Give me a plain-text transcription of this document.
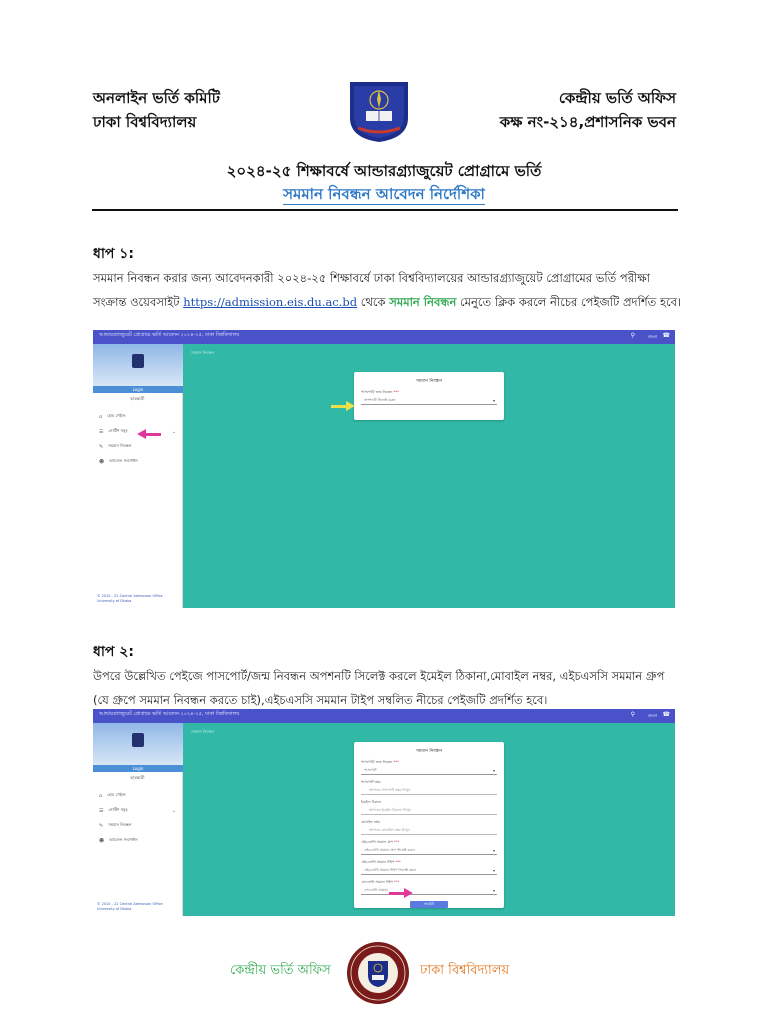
অনলাইন ভর্তি কমিটি
ঢাকা বিশ্ববিদ্যালয়
কেন্দ্রীয় ভর্তি অফিস
কক্ষ নং-২১৪,প্রশাসনিক ভবন
২০২৪-২৫ শিক্ষাবর্ষে আন্ডারগ্র্যাজুয়েট প্রোগ্রামে ভর্তি
সমমান নিবন্ধন আবেদন নির্দেশিকা
ধাপ ১:
সমমান নিবন্ধন করার জন্য আবেদনকারী ২০২৪-২৫ শিক্ষাবর্ষে ঢাকা বিশ্ববিদ্যালয়ের আন্ডারগ্র্যাজুয়েট প্রোগ্রামের ভর্তি পরীক্ষা সংক্রান্ত ওয়েবসাইট https://admission.eis.du.ac.bd থেকে সমমান নিবন্ধন মেনুতে ক্লিক করলে নীচের পেইজটি প্রদর্শিত হবে।
আন্ডারগ্র্যাজুয়েট প্রোগ্রামে ভর্তি আবেদন ২০২৪-২৫, ঢাকা বিশ্ববিদ্যালয়	⚲	বাংলা ☎
Login
ছাত্রছাত্রী
⌂ হোম পেইজ
☰ নোটিশ সমূহ	⌄
✎ সমমান নিবন্ধন
☻ আবেদন সংশোধন
© 2010 - 22 Central Admission Office
University of Dhaka
সমমান নিবন্ধন
সমমান নিবন্ধন
পাসপোর্ট/ জন্ম নিবন্ধন ***
অপশনটি সিলেক্ট করুন	▾
ধাপ ২:
উপরে উল্লেখিত পেইজে পাসপোর্ট/জন্ম নিবন্ধন অপশনটি সিলেক্ট করলে ইমেইল ঠিকানা,মোবাইল নম্বর, এইচএসসি সমমান গ্রুপ (যে গ্রুপে সমমান নিবন্ধন করতে চাই),এইচএসসি সমমান টাইপ সম্বলিত নীচের পেইজটি প্রদর্শিত হবে।
আন্ডারগ্র্যাজুয়েট প্রোগ্রামে ভর্তি আবেদন ২০২৪-২৫, ঢাকা বিশ্ববিদ্যালয়	⚲	বাংলা ☎
Login
ছাত্রছাত্রী
⌂ হোম পেইজ
☰ নোটিশ সমূহ	⌄
✎ সমমান নিবন্ধন
☻ আবেদন সংশোধন
© 2010 - 22 Central Admission Office
University of Dhaka
সমমান নিবন্ধন
সমমান নিবন্ধন
পাসপোর্ট/ জন্ম নিবন্ধন ***
পাসপোর্ট	▾
পাসপোর্ট নম্বর
আপনার পাসপোর্ট নম্বর লিখুন
ইমেইল ঠিকানা
আপনার ইমেইল ঠিকানা লিখুন
মোবাইল নম্বর
আপনার মোবাইল নম্বর লিখুন
এইচএসসি সমমান গ্রুপ ***
এইচএসসি সমমান গ্রুপ সিলেক্ট করুন	▾
এইচএসসি সমমান টাইপ ***
এইচএসসি সমমান টাইপ সিলেক্ট করুন	▾
এসএসসি সমমান টাইপ ***
এসএসসি সমমান	▾
সাবমিট
কেন্দ্রীয় ভর্তি অফিস	ঢাকা বিশ্ববিদ্যালয়
